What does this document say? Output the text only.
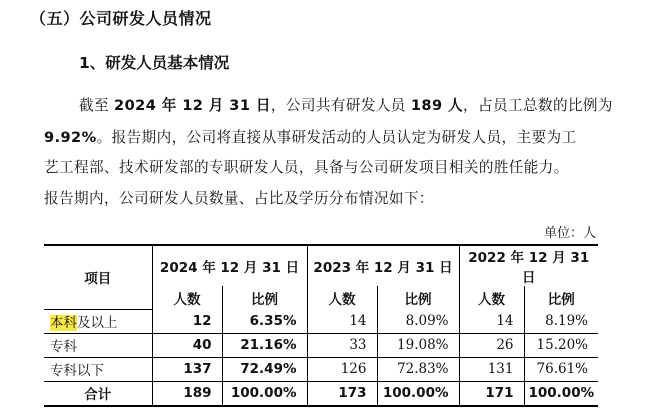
（五）公司研发人员情况
1、研发人员基本情况
截至 2024 年 12 月 31 日，公司共有研发人员 189 人，占员工总数的比例为
9.92%。报告期内，公司将直接从事研发活动的人员认定为研发人员，主要为工
艺工程部、技术研发部的专职研发人员，具备与公司研发项目相关的胜任能力。
报告期内，公司研发人员数量、占比及学历分布情况如下：
单位：人
项目	2024 年 12 月 31 日		2023 年 12 月 31 日		2022 年 12 月 31 日	
	人数	比例	人数	比例	人数	比例
本科及以上	12	6.35%	14	8.09%	14	8.19%
专科	40	21.16%	33	19.08%	26	15.20%
专科以下	137	72.49%	126	72.83%	131	76.61%
合计	189	100.00%	173	100.00%	171	100.00%
